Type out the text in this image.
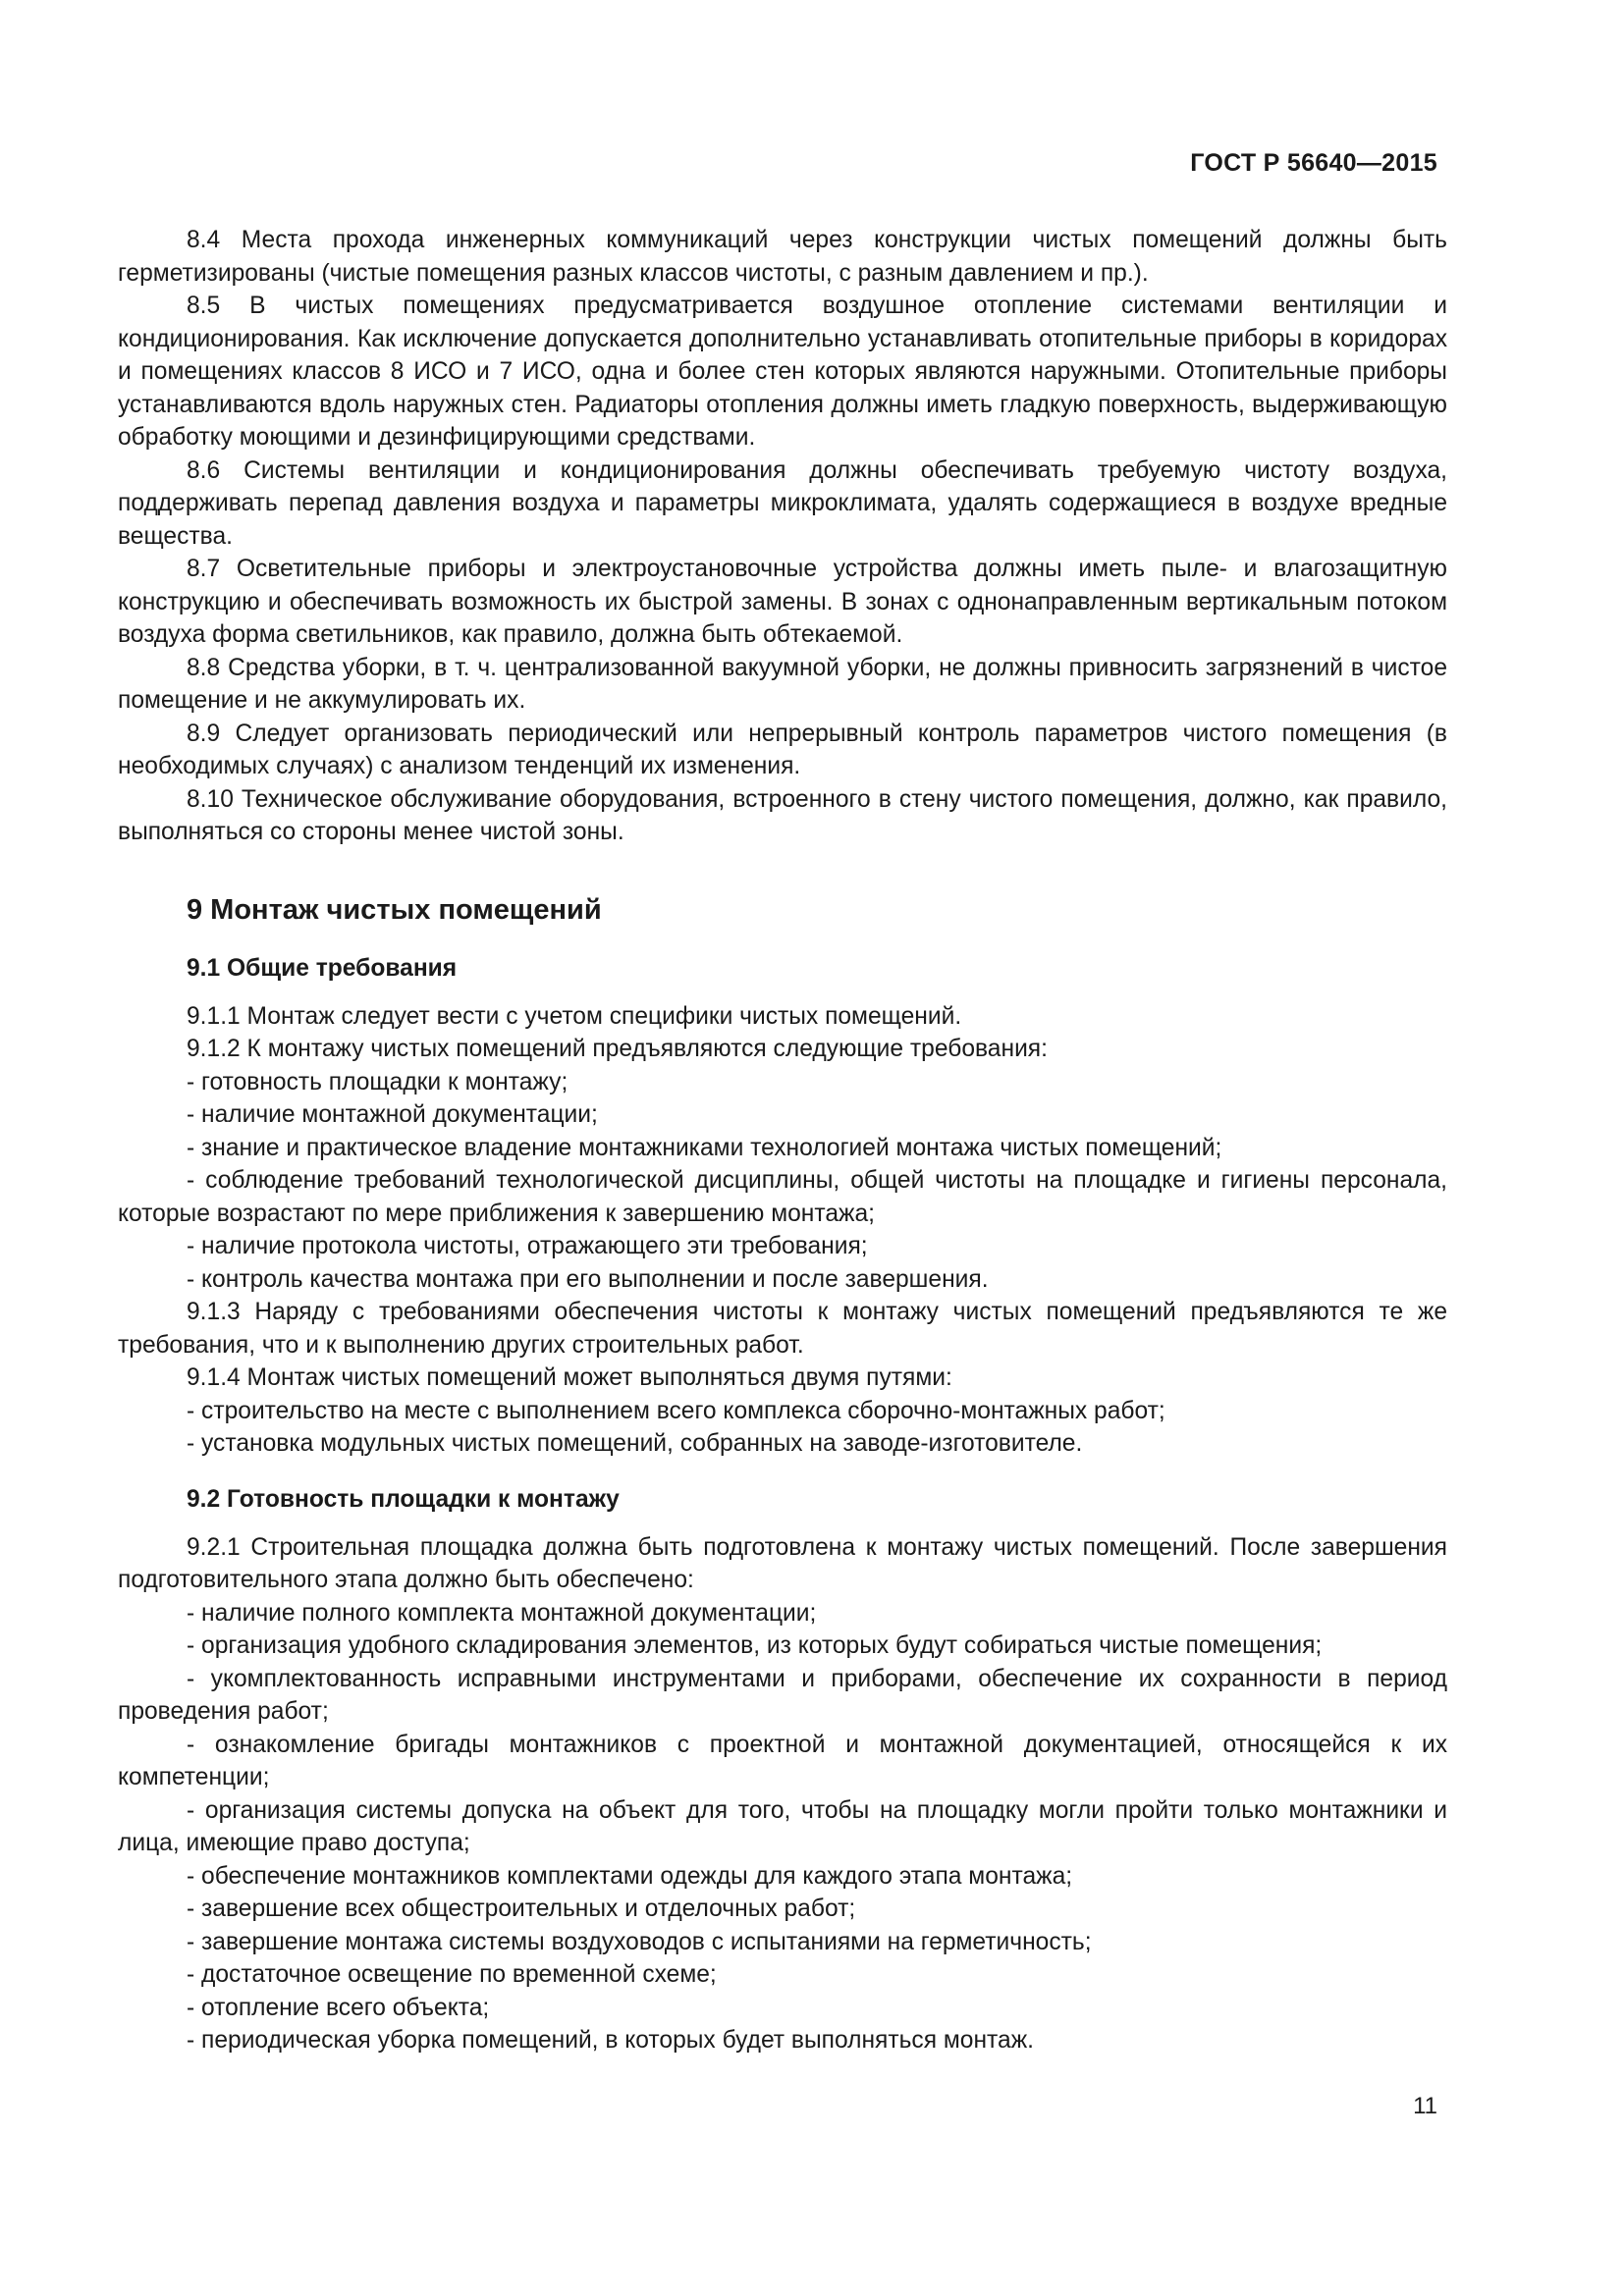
ГОСТ Р 56640—2015

8.4 Места прохода инженерных коммуникаций через конструкции чистых помещений должны быть герметизированы (чистые помещения разных классов чистоты, с разным давлением и пр.).

8.5 В чистых помещениях предусматривается воздушное отопление системами вентиляции и кондиционирования. Как исключение допускается дополнительно устанавливать отопительные приборы в коридорах и помещениях классов 8 ИСО и 7 ИСО, одна и более стен которых являются наружными. Отопительные приборы устанавливаются вдоль наружных стен. Радиаторы отопления должны иметь гладкую поверхность, выдерживающую обработку моющими и дезинфицирующими средствами.

8.6 Системы вентиляции и кондиционирования должны обеспечивать требуемую чистоту воздуха, поддерживать перепад давления воздуха и параметры микроклимата, удалять содержащиеся в воздухе вредные вещества.

8.7 Осветительные приборы и электроустановочные устройства должны иметь пыле- и влагозащитную конструкцию и обеспечивать возможность их быстрой замены. В зонах с однонаправленным вертикальным потоком воздуха форма светильников, как правило, должна быть обтекаемой.

8.8 Средства уборки, в т. ч. централизованной вакуумной уборки, не должны привносить загрязнений в чистое помещение и не аккумулировать их.

8.9 Следует организовать периодический или непрерывный контроль параметров чистого помещения (в необходимых случаях) с анализом тенденций их изменения.

8.10 Техническое обслуживание оборудования, встроенного в стену чистого помещения, должно, как правило, выполняться со стороны менее чистой зоны.

9 Монтаж чистых помещений
9.1 Общие требования

9.1.1 Монтаж следует вести с учетом специфики чистых помещений.

9.1.2 К монтажу чистых помещений предъявляются следующие требования:

- готовность площадки к монтажу;

- наличие монтажной документации;

- знание и практическое владение монтажниками технологией монтажа чистых помещений;

- соблюдение требований технологической дисциплины, общей чистоты на площадке и гигиены персонала, которые возрастают по мере приближения к завершению монтажа;

- наличие протокола чистоты, отражающего эти требования;

- контроль качества монтажа при его выполнении и после завершения.

9.1.3 Наряду с требованиями обеспечения чистоты к монтажу чистых помещений предъявляются те же требования, что и к выполнению других строительных работ.

9.1.4 Монтаж чистых помещений может выполняться двумя путями:

- строительство на месте с выполнением всего комплекса сборочно-монтажных работ;

- установка модульных чистых помещений, собранных на заводе-изготовителе.

9.2 Готовность площадки к монтажу

9.2.1 Строительная площадка должна быть подготовлена к монтажу чистых помещений. После завершения подготовительного этапа должно быть обеспечено:

- наличие полного комплекта монтажной документации;

- организация удобного складирования элементов, из которых будут собираться чистые помещения;

- укомплектованность исправными инструментами и приборами, обеспечение их сохранности в период проведения работ;

- ознакомление бригады монтажников с проектной и монтажной документацией, относящейся к их компетенции;

- организация системы допуска на объект для того, чтобы на площадку могли пройти только монтажники и лица, имеющие право доступа;

- обеспечение монтажников комплектами одежды для каждого этапа монтажа;

- завершение всех общестроительных и отделочных работ;

- завершение монтажа системы воздуховодов с испытаниями на герметичность;

- достаточное освещение по временной схеме;

- отопление всего объекта;

- периодическая уборка помещений, в которых будет выполняться монтаж.

11
